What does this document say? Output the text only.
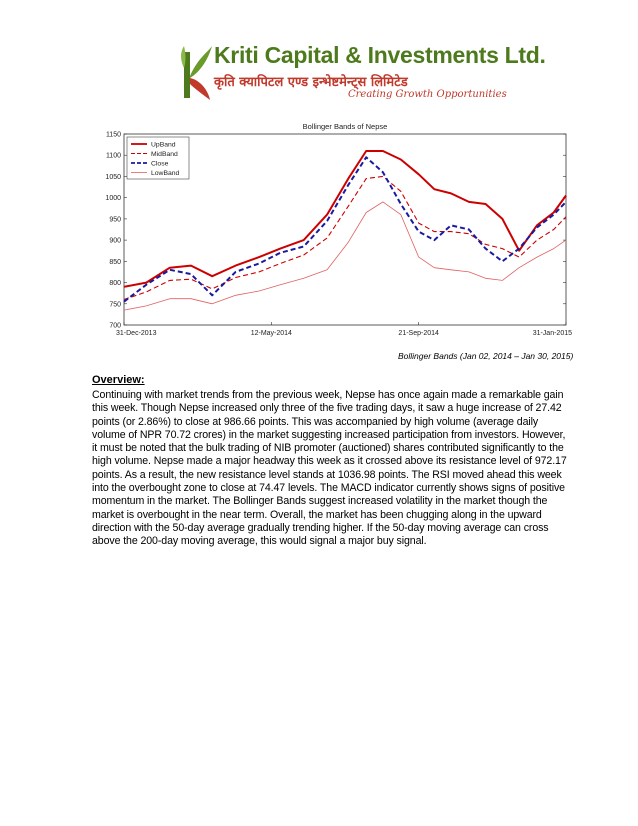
Kriti Capital & Investments Ltd.
कृति क्यापिटल एण्ड इन्भेष्टमेन्ट्स लिमिटेड
Creating Growth Opportunities
Bollinger Bands of Nepse
700
750
800
850
900
950
1000
1050
1100
1150
31-Dec-2013	12-May-2014	21-Sep-2014	31-Jan-2015
UpBand
MidBand
Close
LowBand
Bollinger Bands (Jan 02, 2014 – Jan 30, 2015)
Overview:
Continuing with market trends from the previous week, Nepse has once again made a remarkable gain this week. Though Nepse increased only three of the five trading days, it saw a huge increase of 27.42 points (or 2.86%) to close at 986.66 points. This was accompanied by high volume (average daily volume of NPR 70.72 crores) in the market suggesting increased participation from investors. However, it must be noted that the bulk trading of NIB promoter (auctioned) shares contributed significantly to the high volume. Nepse made a major headway this week as it crossed above its resistance level of 972.17 points. As a result, the new resistance level stands at 1036.98 points. The RSI moved ahead this week into the overbought zone to close at 74.47 levels. The MACD indicator currently shows signs of positive momentum in the market. The Bollinger Bands suggest increased volatility in the market though the market is overbought in the near term. Overall, the market has been chugging along in the upward direction with the 50-day average gradually trending higher. If the 50-day moving average can cross above the 200-day moving average, this would signal a major buy signal.
